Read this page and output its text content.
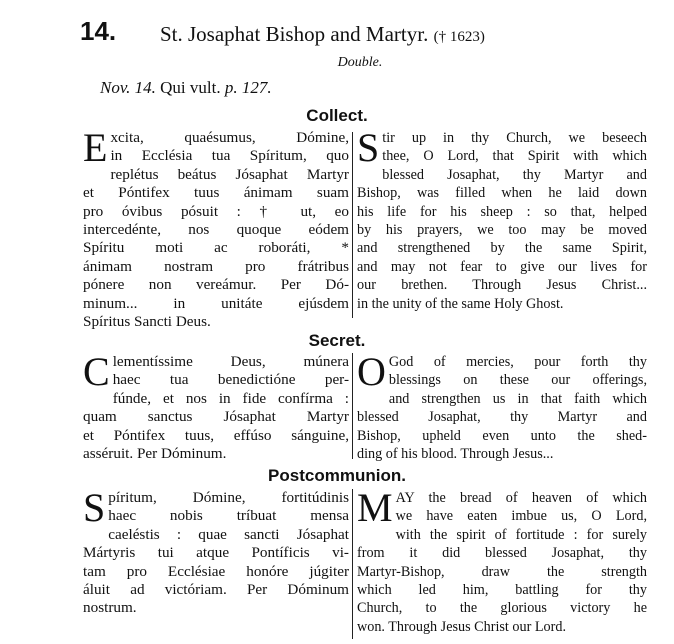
14. St. Josaphat Bishop and Martyr. († 1623)
Double.
Nov. 14. Qui vult. p. 127.
Collect.
E xcita, quaésumus, Dómine,
in Ecclésia tua Spíritum, quo
replétus beátus Jósaphat Martyr
et Póntifex tuus ánimam suam
pro óvibus pósuit : † ut, eo
intercedénte, nos quoque eódem
Spíritu moti ac roboráti, *
ánimam nostram pro frátribus
pónere non vereámur. Per Dó-
minum... in unitáte ejúsdem
Spíritus Sancti Deus.
S tir up in thy Church, we beseech
thee, O Lord, that Spirit with which
blessed Josaphat, thy Martyr and
Bishop, was filled when he laid down
his life for his sheep : so that, helped
by his prayers, we too may be moved
and strengthened by the same Spirit,
and may not fear to give our lives for
our brethen. Through Jesus Christ...
in the unity of the same Holy Ghost.
Secret.
C lementíssime Deus, múnera
haec tua benedictióne per-
fúnde, et nos in fide confírma :
quam sanctus Jósaphat Martyr
et Póntifex tuus, effúso sánguine,
asséruit. Per Dóminum.
O God of mercies, pour forth thy
blessings on these our offerings,
and strengthen us in that faith which
blessed Josaphat, thy Martyr and
Bishop, upheld even unto the shed-
ding of his blood. Through Jesus...
Postcommunion.
S píritum, Dómine, fortitúdinis
haec nobis tríbuat mensa
caeléstis : quae sancti Jósaphat
Mártyris tui atque Pontíficis vi-
tam pro Ecclésiae honóre júgiter
áluit ad victóriam. Per Dóminum
nostrum.
M AY the bread of heaven of which
we have eaten imbue us, O Lord,
with the spirit of fortitude : for surely
from it did blessed Josaphat, thy
Martyr-Bishop, draw the strength
which led him, battling for thy
Church, to the glorious victory he
won. Through Jesus Christ our Lord.
